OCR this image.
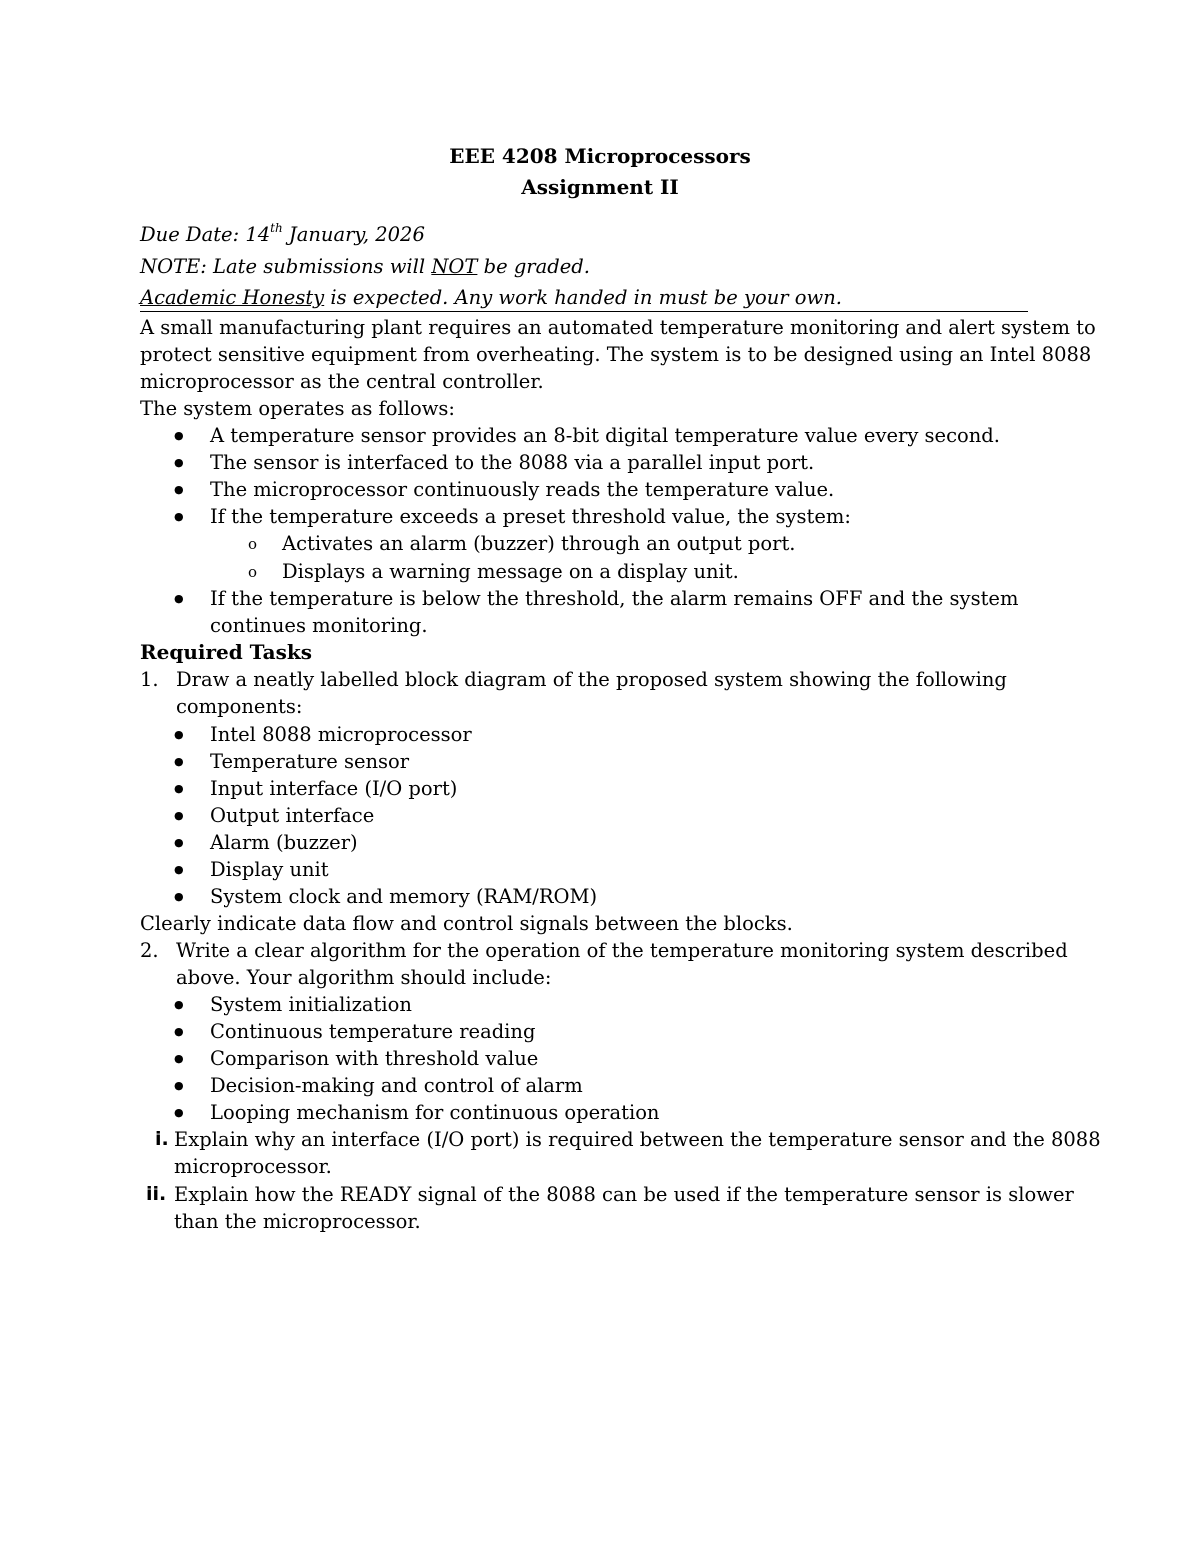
EEE 4208 Microprocessors
Assignment II
Due Date: 14th January, 2026
NOTE: Late submissions will NOT be graded.
Academic Honesty is expected. Any work handed in must be your own.
A small manufacturing plant requires an automated temperature monitoring and alert system to
protect sensitive equipment from overheating. The system is to be designed using an Intel 8088
microprocessor as the central controller.
The system operates as follows:
● A temperature sensor provides an 8-bit digital temperature value every second.
● The sensor is interfaced to the 8088 via a parallel input port.
● The microprocessor continuously reads the temperature value.
● If the temperature exceeds a preset threshold value, the system:
o Activates an alarm (buzzer) through an output port.
o Displays a warning message on a display unit.
● If the temperature is below the threshold, the alarm remains OFF and the system
continues monitoring.
Required Tasks
1. Draw a neatly labelled block diagram of the proposed system showing the following
components:
● Intel 8088 microprocessor
● Temperature sensor
● Input interface (I/O port)
● Output interface
● Alarm (buzzer)
● Display unit
● System clock and memory (RAM/ROM)
Clearly indicate data flow and control signals between the blocks.
2. Write a clear algorithm for the operation of the temperature monitoring system described
above. Your algorithm should include:
● System initialization
● Continuous temperature reading
● Comparison with threshold value
● Decision-making and control of alarm
● Looping mechanism for continuous operation
i. Explain why an interface (I/O port) is required between the temperature sensor and the 8088
microprocessor.
ii. Explain how the READY signal of the 8088 can be used if the temperature sensor is slower
than the microprocessor.
